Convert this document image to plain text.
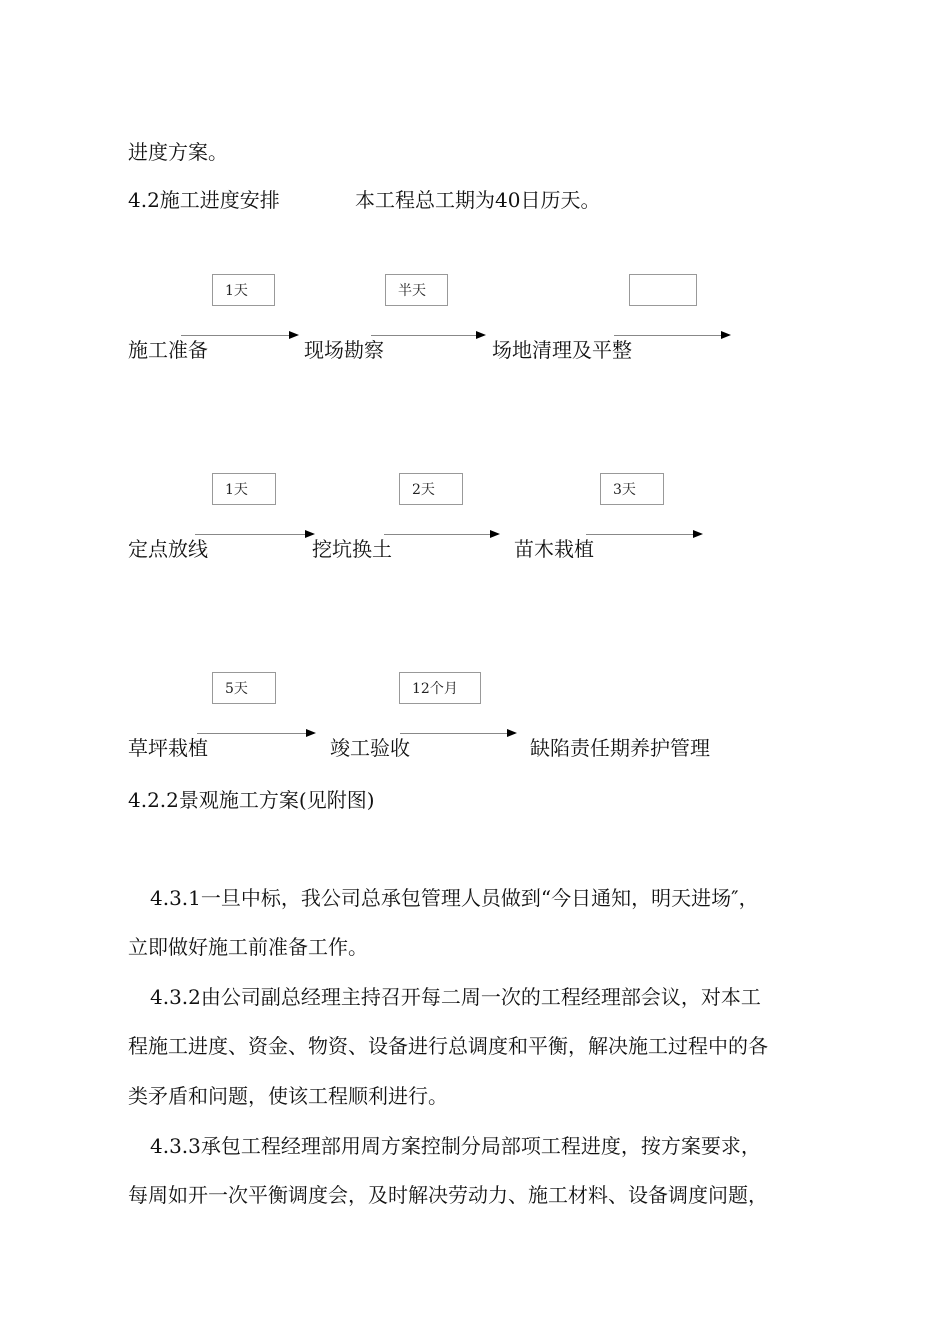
进度方案。
4.2施工进度安排	本工程总工期为40日历天。
1天	半天
施工准备	现场勘察	场地清理及平整
1天	2天	3天
定点放线	挖坑换土	苗木栽植
5天	12个月
草坪栽植	竣工验收	缺陷责任期养护管理
4.2.2景观施工方案(见附图)
4.3.1一旦中标，我公司总承包管理人员做到“今日通知，明天进场″，
立即做好施工前准备工作。
4.3.2由公司副总经理主持召开每二周一次的工程经理部会议，对本工
程施工进度、资金、物资、设备进行总调度和平衡，解决施工过程中的各
类矛盾和问题，使该工程顺利进行。
4.3.3承包工程经理部用周方案控制分局部项工程进度，按方案要求，
每周如开一次平衡调度会，及时解决劳动力、施工材料、设备调度问题，
